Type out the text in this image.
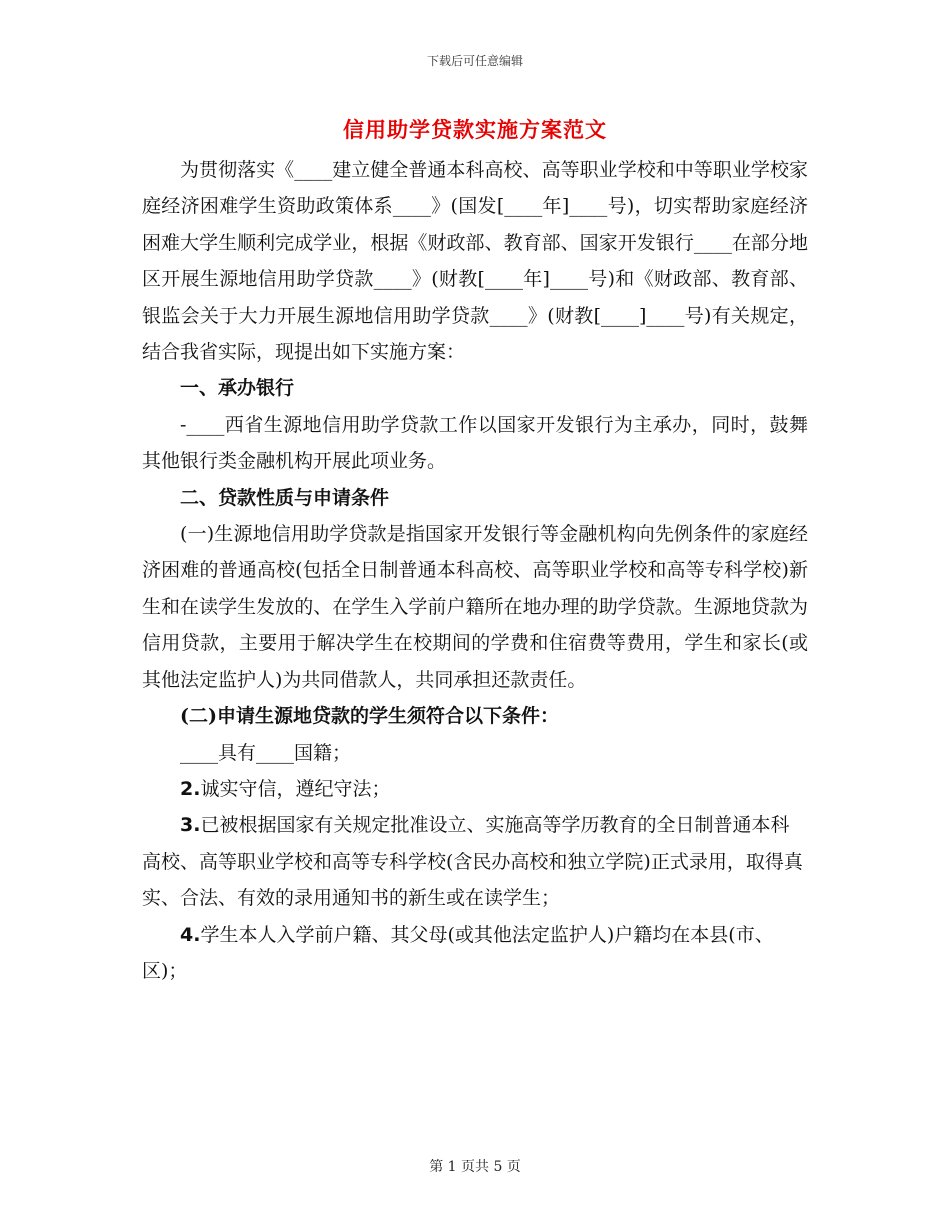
下载后可任意编辑
信用助学贷款实施方案范文

为贯彻落实《____建立健全普通本科高校、高等职业学校和中等职业学校家庭经济困难学生资助政策体系____》(国发[____年]____号)，切实帮助家庭经济困难大学生顺利完成学业，根据《财政部、教育部、国家开发银行____在部分地区开展生源地信用助学贷款____》(财教[____年]____号)和《财政部、教育部、银监会关于大力开展生源地信用助学贷款____》(财教[____]____号)有关规定，结合我省实际，现提出如下实施方案：

一、承办银行

-____西省生源地信用助学贷款工作以国家开发银行为主承办，同时，鼓舞其他银行类金融机构开展此项业务。

二、贷款性质与申请条件

(一)生源地信用助学贷款是指国家开发银行等金融机构向先例条件的家庭经济困难的普通高校(包括全日制普通本科高校、高等职业学校和高等专科学校)新生和在读学生发放的、在学生入学前户籍所在地办理的助学贷款。生源地贷款为信用贷款，主要用于解决学生在校期间的学费和住宿费等费用，学生和家长(或其他法定监护人)为共同借款人，共同承担还款责任。

(二)申请生源地贷款的学生须符合以下条件：

____具有____国籍；

2.诚实守信，遵纪守法；

3.已被根据国家有关规定批准设立、实施高等学历教育的全日制普通本科高校、高等职业学校和高等专科学校(含民办高校和独立学院)正式录用，取得真实、合法、有效的录用通知书的新生或在读学生；

4.学生本人入学前户籍、其父母(或其他法定监护人)户籍均在本县(市、区)；

第 1 页共 5 页
